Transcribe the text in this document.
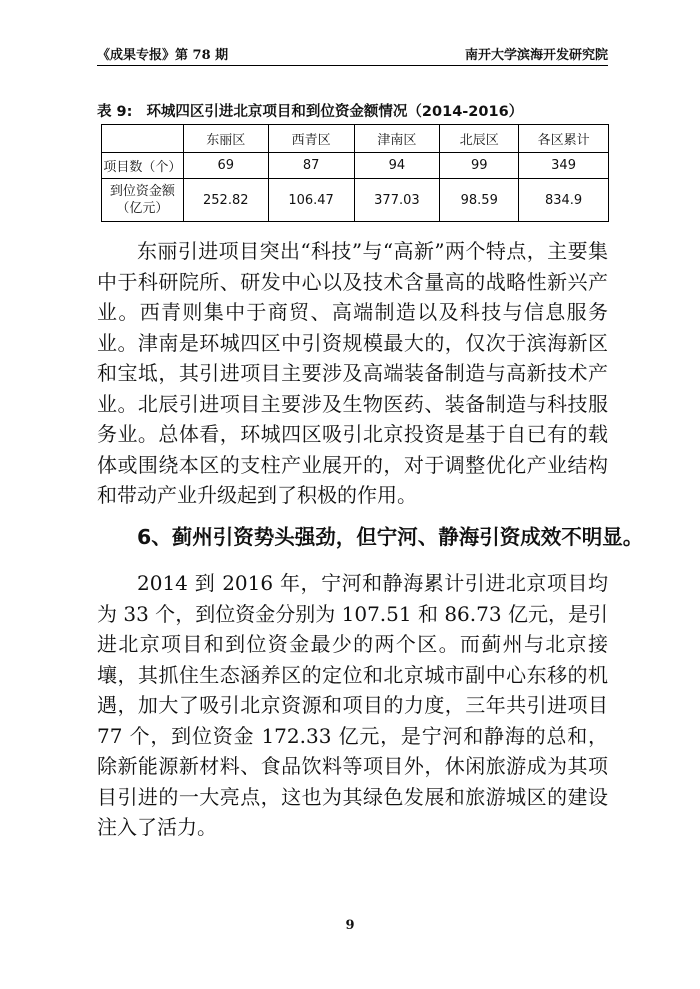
《成果专报》第 78 期	南开大学滨海开发研究院
表 9: 环城四区引进北京项目和到位资金额情况（2014-2016）
	东丽区	西青区	津南区	北辰区	各区累计
项目数（个）	69	87	94	99	349

到位资金额
（亿元）	252.82	106.47	377.03	98.59	834.9
东丽引进项目突出“科技”与“高新”两个特点，主要集中于科研院所、研发中心以及技术含量高的战略性新兴产业。西青则集中于商贸、高端制造以及科技与信息服务业。津南是环城四区中引资规模最大的，仅次于滨海新区和宝坻，其引进项目主要涉及高端装备制造与高新技术产业。北辰引进项目主要涉及生物医药、装备制造与科技服务业。总体看，环城四区吸引北京投资是基于自已有的载体或围绕本区的支柱产业展开的，对于调整优化产业结构和带动产业升级起到了积极的作用。
6、蓟州引资势头强劲，但宁河、静海引资成效不明显。
2014 到 2016 年，宁河和静海累计引进北京项目均为 33 个，到位资金分别为 107.51 和 86.73 亿元，是引进北京项目和到位资金最少的两个区。而蓟州与北京接壤，其抓住生态涵养区的定位和北京城市副中心东移的机遇，加大了吸引北京资源和项目的力度，三年共引进项目 77 个，到位资金 172.33 亿元，是宁河和静海的总和，除新能源新材料、食品饮料等项目外，休闲旅游成为其项目引进的一大亮点，这也为其绿色发展和旅游城区的建设注入了活力。
9
